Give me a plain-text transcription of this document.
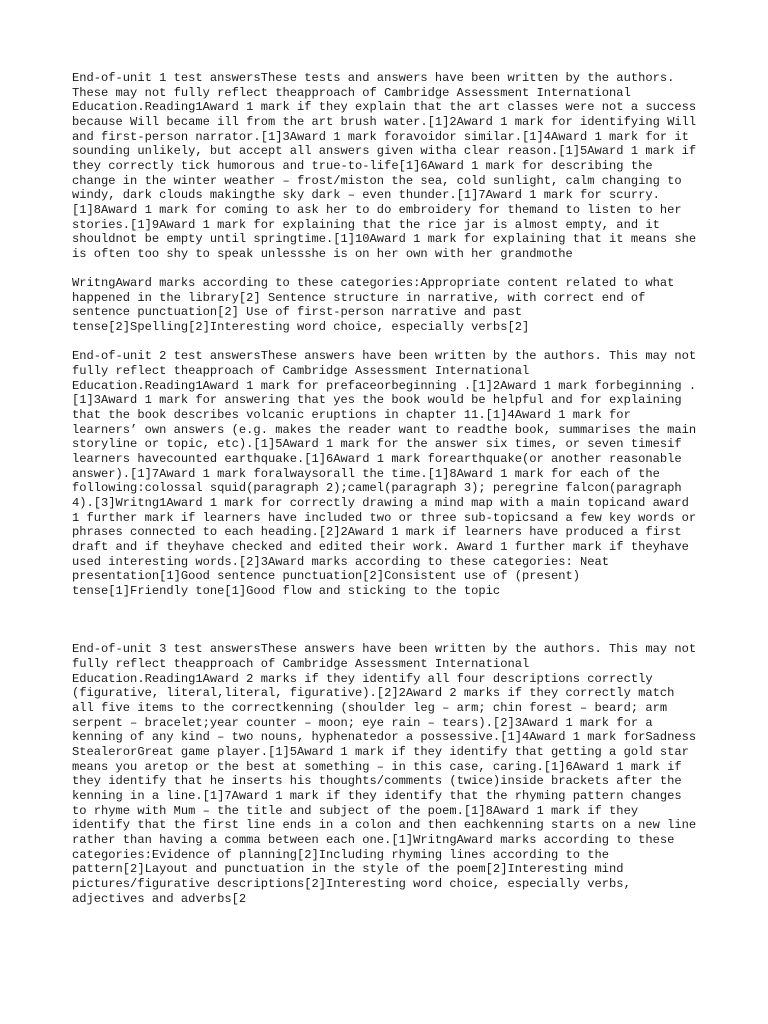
End-of-unit 1 test answersThese tests and answers have been written by the authors. These may not fully reflect theapproach of Cambridge Assessment International Education.Reading1Award 1 mark if they explain that the art classes were not a success because Will became ill from the art brush water.[1]2Award 1 mark for identifying Will and first-person narrator.[1]3Award 1 mark foravoidor similar.[1]4Award 1 mark for it sounding unlikely, but accept all answers given witha clear reason.[1]5Award 1 mark if they correctly tick humorous and true-to-life[1]6Award 1 mark for describing the change in the winter weather – frost/miston the sea, cold sunlight, calm changing to windy, dark clouds makingthe sky dark – even thunder.[1]7Award 1 mark for scurry.[1]8Award 1 mark for coming to ask her to do embroidery for themand to listen to her stories.[1]9Award 1 mark for explaining that the rice jar is almost empty, and it shouldnot be empty until springtime.[1]10Award 1 mark for explaining that it means she is often too shy to speak unlessshe is on her own with her grandmothe

WritngAward marks according to these categories:Appropriate content related to what happened in the library[2] Sentence structure in narrative, with correct end of sentence punctuation[2] Use of first-person narrative and past tense[2]Spelling[2]Interesting word choice, especially verbs[2]

End-of-unit 2 test answersThese answers have been written by the authors. This may not fully reflect theapproach of Cambridge Assessment International Education.Reading1Award 1 mark for prefaceorbeginning .[1]2Award 1 mark forbeginning .[1]3Award 1 mark for answering that yes the book would be helpful and for explaining that the book describes volcanic eruptions in chapter 11.[1]4Award 1 mark for learners’ own answers (e.g. makes the reader want to readthe book, summarises the main storyline or topic, etc).[1]5Award 1 mark for the answer six times, or seven timesif learners havecounted earthquake.[1]6Award 1 mark forearthquake(or another reasonable answer).[1]7Award 1 mark foralwaysorall the time.[1]8Award 1 mark for each of the following:colossal squid(paragraph 2);camel(paragraph 3); peregrine falcon(paragraph 4).[3]Writng1Award 1 mark for correctly drawing a mind map with a main topicand award 1 further mark if learners have included two or three sub-topicsand a few key words or phrases connected to each heading.[2]2Award 1 mark if learners have produced a first draft and if theyhave checked and edited their work. Award 1 further mark if theyhave used interesting words.[2]3Award marks according to these categories: Neat presentation[1]Good sentence punctuation[2]Consistent use of (present) tense[1]Friendly tone[1]Good flow and sticking to the topic

End-of-unit 3 test answersThese answers have been written by the authors. This may not fully reflect theapproach of Cambridge Assessment International Education.Reading1Award 2 marks if they identify all four descriptions correctly (figurative, literal,literal, figurative).[2]2Award 2 marks if they correctly match all five items to the correctkenning (shoulder leg – arm; chin forest – beard; arm serpent – bracelet;year counter – moon; eye rain – tears).[2]3Award 1 mark for a kenning of any kind – two nouns, hyphenatedor a possessive.[1]4Award 1 mark forSadness StealerorGreat game player.[1]5Award 1 mark if they identify that getting a gold star means you aretop or the best at something – in this case, caring.[1]6Award 1 mark if they identify that he inserts his thoughts/comments (twice)inside brackets after the kenning in a line.[1]7Award 1 mark if they identify that the rhyming pattern changes to rhyme with Mum – the title and subject of the poem.[1]8Award 1 mark if they identify that the first line ends in a colon and then eachkenning starts on a new line rather than having a comma between each one.[1]WritngAward marks according to these categories:Evidence of planning[2]Including rhyming lines according to the pattern[2]Layout and punctuation in the style of the poem[2]Interesting mind pictures/figurative descriptions[2]Interesting word choice, especially verbs, adjectives and adverbs[2
